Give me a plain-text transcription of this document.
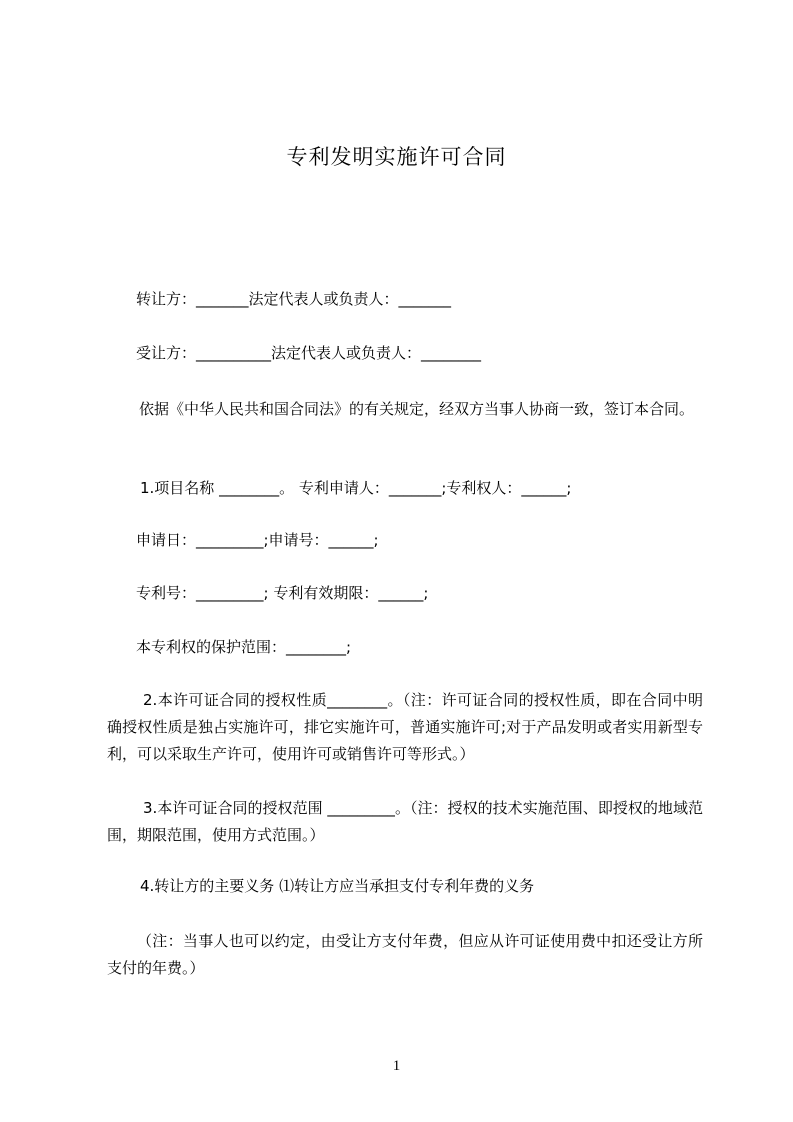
专利发明实施许可合同
转让方：_______法定代表人或负责人：_______
受让方：__________法定代表人或负责人：________
依据《中华人民共和国合同法》的有关规定，经双方当事人协商一致，签订本合同。
1.项目名称 ________。 专利申请人：_______;专利权人：______;
申请日：_________;申请号：______;
专利号：_________; 专利有效期限：______;
本专利权的保护范围：________;
2.本许可证合同的授权性质________。（注：许可证合同的授权性质，即在合同中明确授权性质是独占实施许可，排它实施许可，普通实施许可;对于产品发明或者实用新型专利，可以采取生产许可，使用许可或销售许可等形式。）
3.本许可证合同的授权范围 _________。（注：授权的技术实施范围、即授权的地域范围，期限范围，使用方式范围。）
4.转让方的主要义务 ⑴转让方应当承担支付专利年费的义务
（注：当事人也可以约定，由受让方支付年费，但应从许可证使用费中扣还受让方所支付的年费。）
1
